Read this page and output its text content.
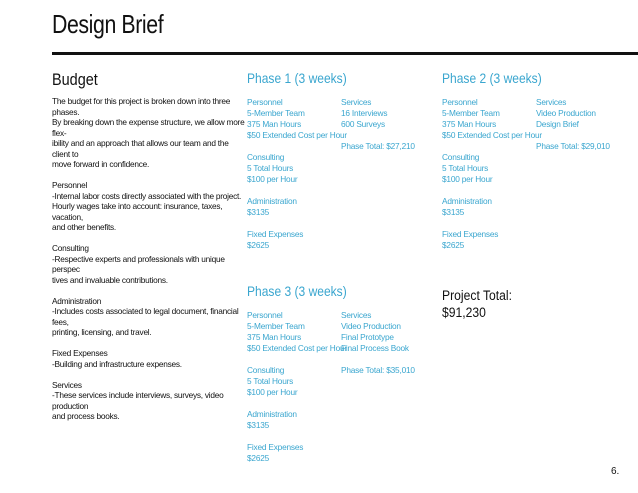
Design Brief
Budget

The budget for this project is broken down into three phases.
By breaking down the expense structure, we allow more flex-
ibility and an approach that allows our team and the client to
move forward in confidence.

Personnel
-Internal labor costs directly associated with the project.
Hourly wages take into account: insurance, taxes, vacation,
and other benefits.

Consulting
-Respective experts and professionals with unique perspec
tives and invaluable contributions.

Administration
-Includes costs associated to legal document, financial fees,
printing, licensing, and travel.

Fixed Expenses
-Building and infrastructure expenses.

Services
-These services include interviews, surveys, video production
and process books.

Phase 1 (3 weeks)
Personnel
5-Member Team
375 Man Hours
$50 Extended Cost per Hour
Consulting
5 Total Hours
$100 per Hour
Administration
$3135
Fixed Expenses
$2625
Services
16 Interviews
600 Surveys
Phase Total: $27,210
Phase 2 (3 weeks)
Personnel
5-Member Team
375 Man Hours
$50 Extended Cost per Hour
Consulting
5 Total Hours
$100 per Hour
Administration
$3135
Fixed Expenses
$2625
Services
Video Production
Design Brief
Phase Total: $29,010
Phase 3 (3 weeks)
Personnel
5-Member Team
375 Man Hours
$50 Extended Cost per Hour
Consulting
5 Total Hours
$100 per Hour
Administration
$3135
Fixed Expenses
$2625
Services
Video Production
Final Prototype
Final Process Book
Phase Total: $35,010
Project Total:
$91,230
6.
